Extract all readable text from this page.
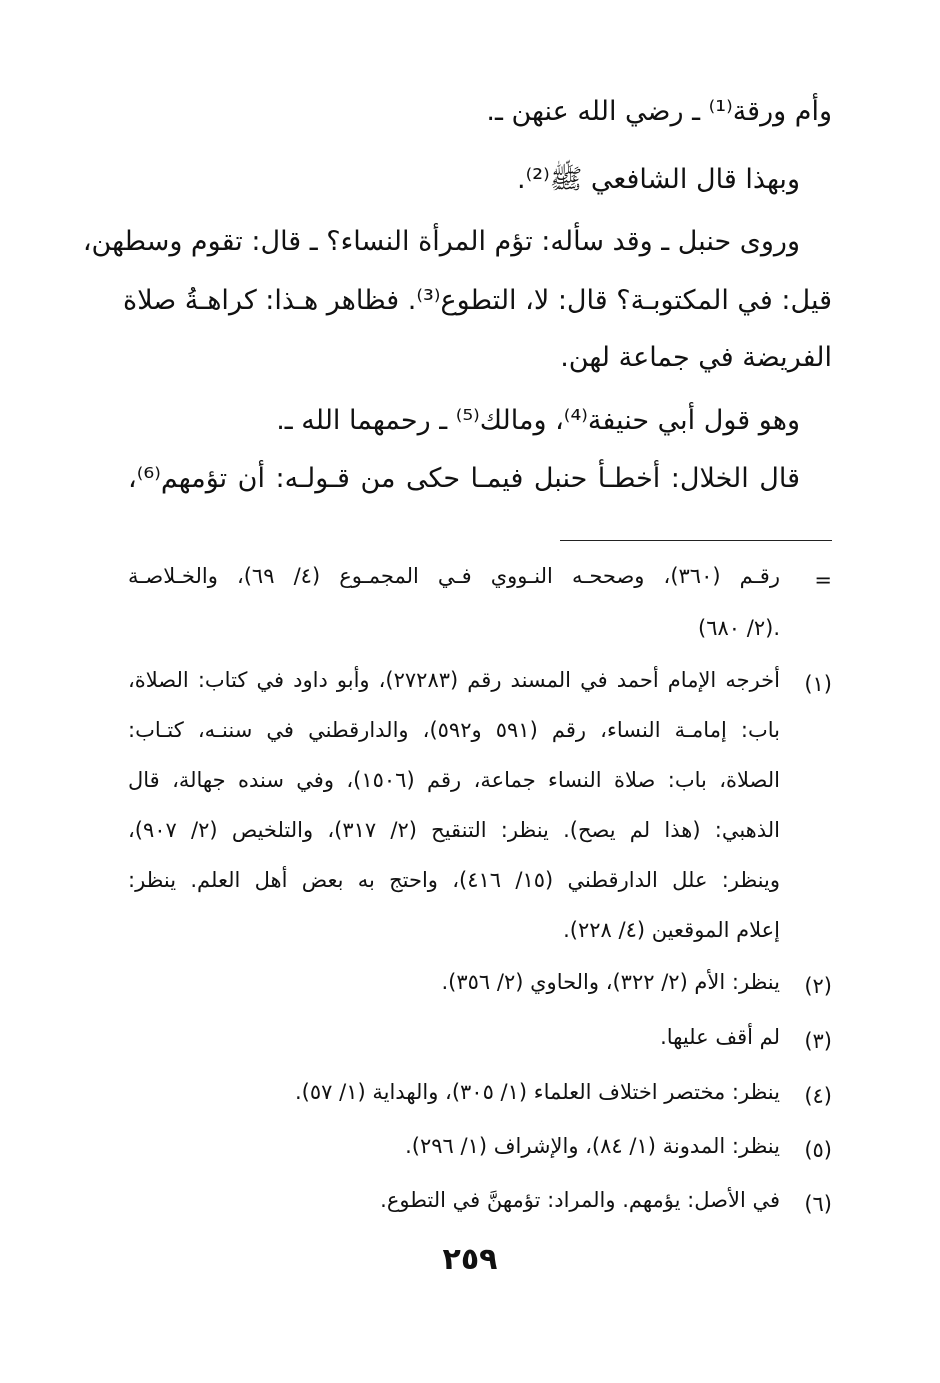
وأم ورقة⁽¹⁾ ـ رضي الله عنهن ـ.
وبهذا قال الشافعي ﷺ⁽²⁾.
وروى حنبل ـ وقد سأله: تؤم المرأة النساء؟ ـ قال: تقوم وسطهن،
قيل: في المكتوبـة؟ قال: لا، التطوع⁽³⁾. فظاهر هـذا: كراهـةُ صلاة
الفريضة في جماعة لهن.
وهو قول أبي حنيفة⁽⁴⁾، ومالك⁽⁵⁾ ـ رحمهما الله ـ.
قال الخلال: أخطـأ حنبل فيمـا حكى من قـولـه: أن تؤمهم⁽⁶⁾،
=
رقـم (٣٦٠)، وصححـه النـووي فـي المجمـوع (٤/ ٦٩)، والخـلاصـة
(٢/ ٦٨٠).
(١)
أخرجه الإمام أحمد في المسند رقم (٢٧٢٨٣)، وأبو داود في كتاب: الصلاة،
باب: إمامـة النساء، رقم (٥٩١ و٥٩٢)، والدارقطني في سننـه، كتـاب:
الصلاة، باب: صلاة النساء جماعة، رقم (١٥٠٦)، وفي سنده جهالة، قال
الذهبي: (هذا لم يصح). ينظر: التنقيح (٢/ ٣١٧)، والتلخيص (٢/ ٩٠٧)،
وينظر: علل الدارقطني (١٥/ ٤١٦)، واحتج به بعض أهل العلم. ينظر:
إعلام الموقعين (٤/ ٢٢٨).
(٢)
ينظر: الأم (٢/ ٣٢٢)، والحاوي (٢/ ٣٥٦).
(٣)
لم أقف عليها.
(٤)
ينظر: مختصر اختلاف العلماء (١/ ٣٠٥)، والهداية (١/ ٥٧).
(٥)
ينظر: المدونة (١/ ٨٤)، والإشراف (١/ ٢٩٦).
(٦)
في الأصل: يؤمهم. والمراد: تؤمهنَّ في التطوع.
٢٥٩
